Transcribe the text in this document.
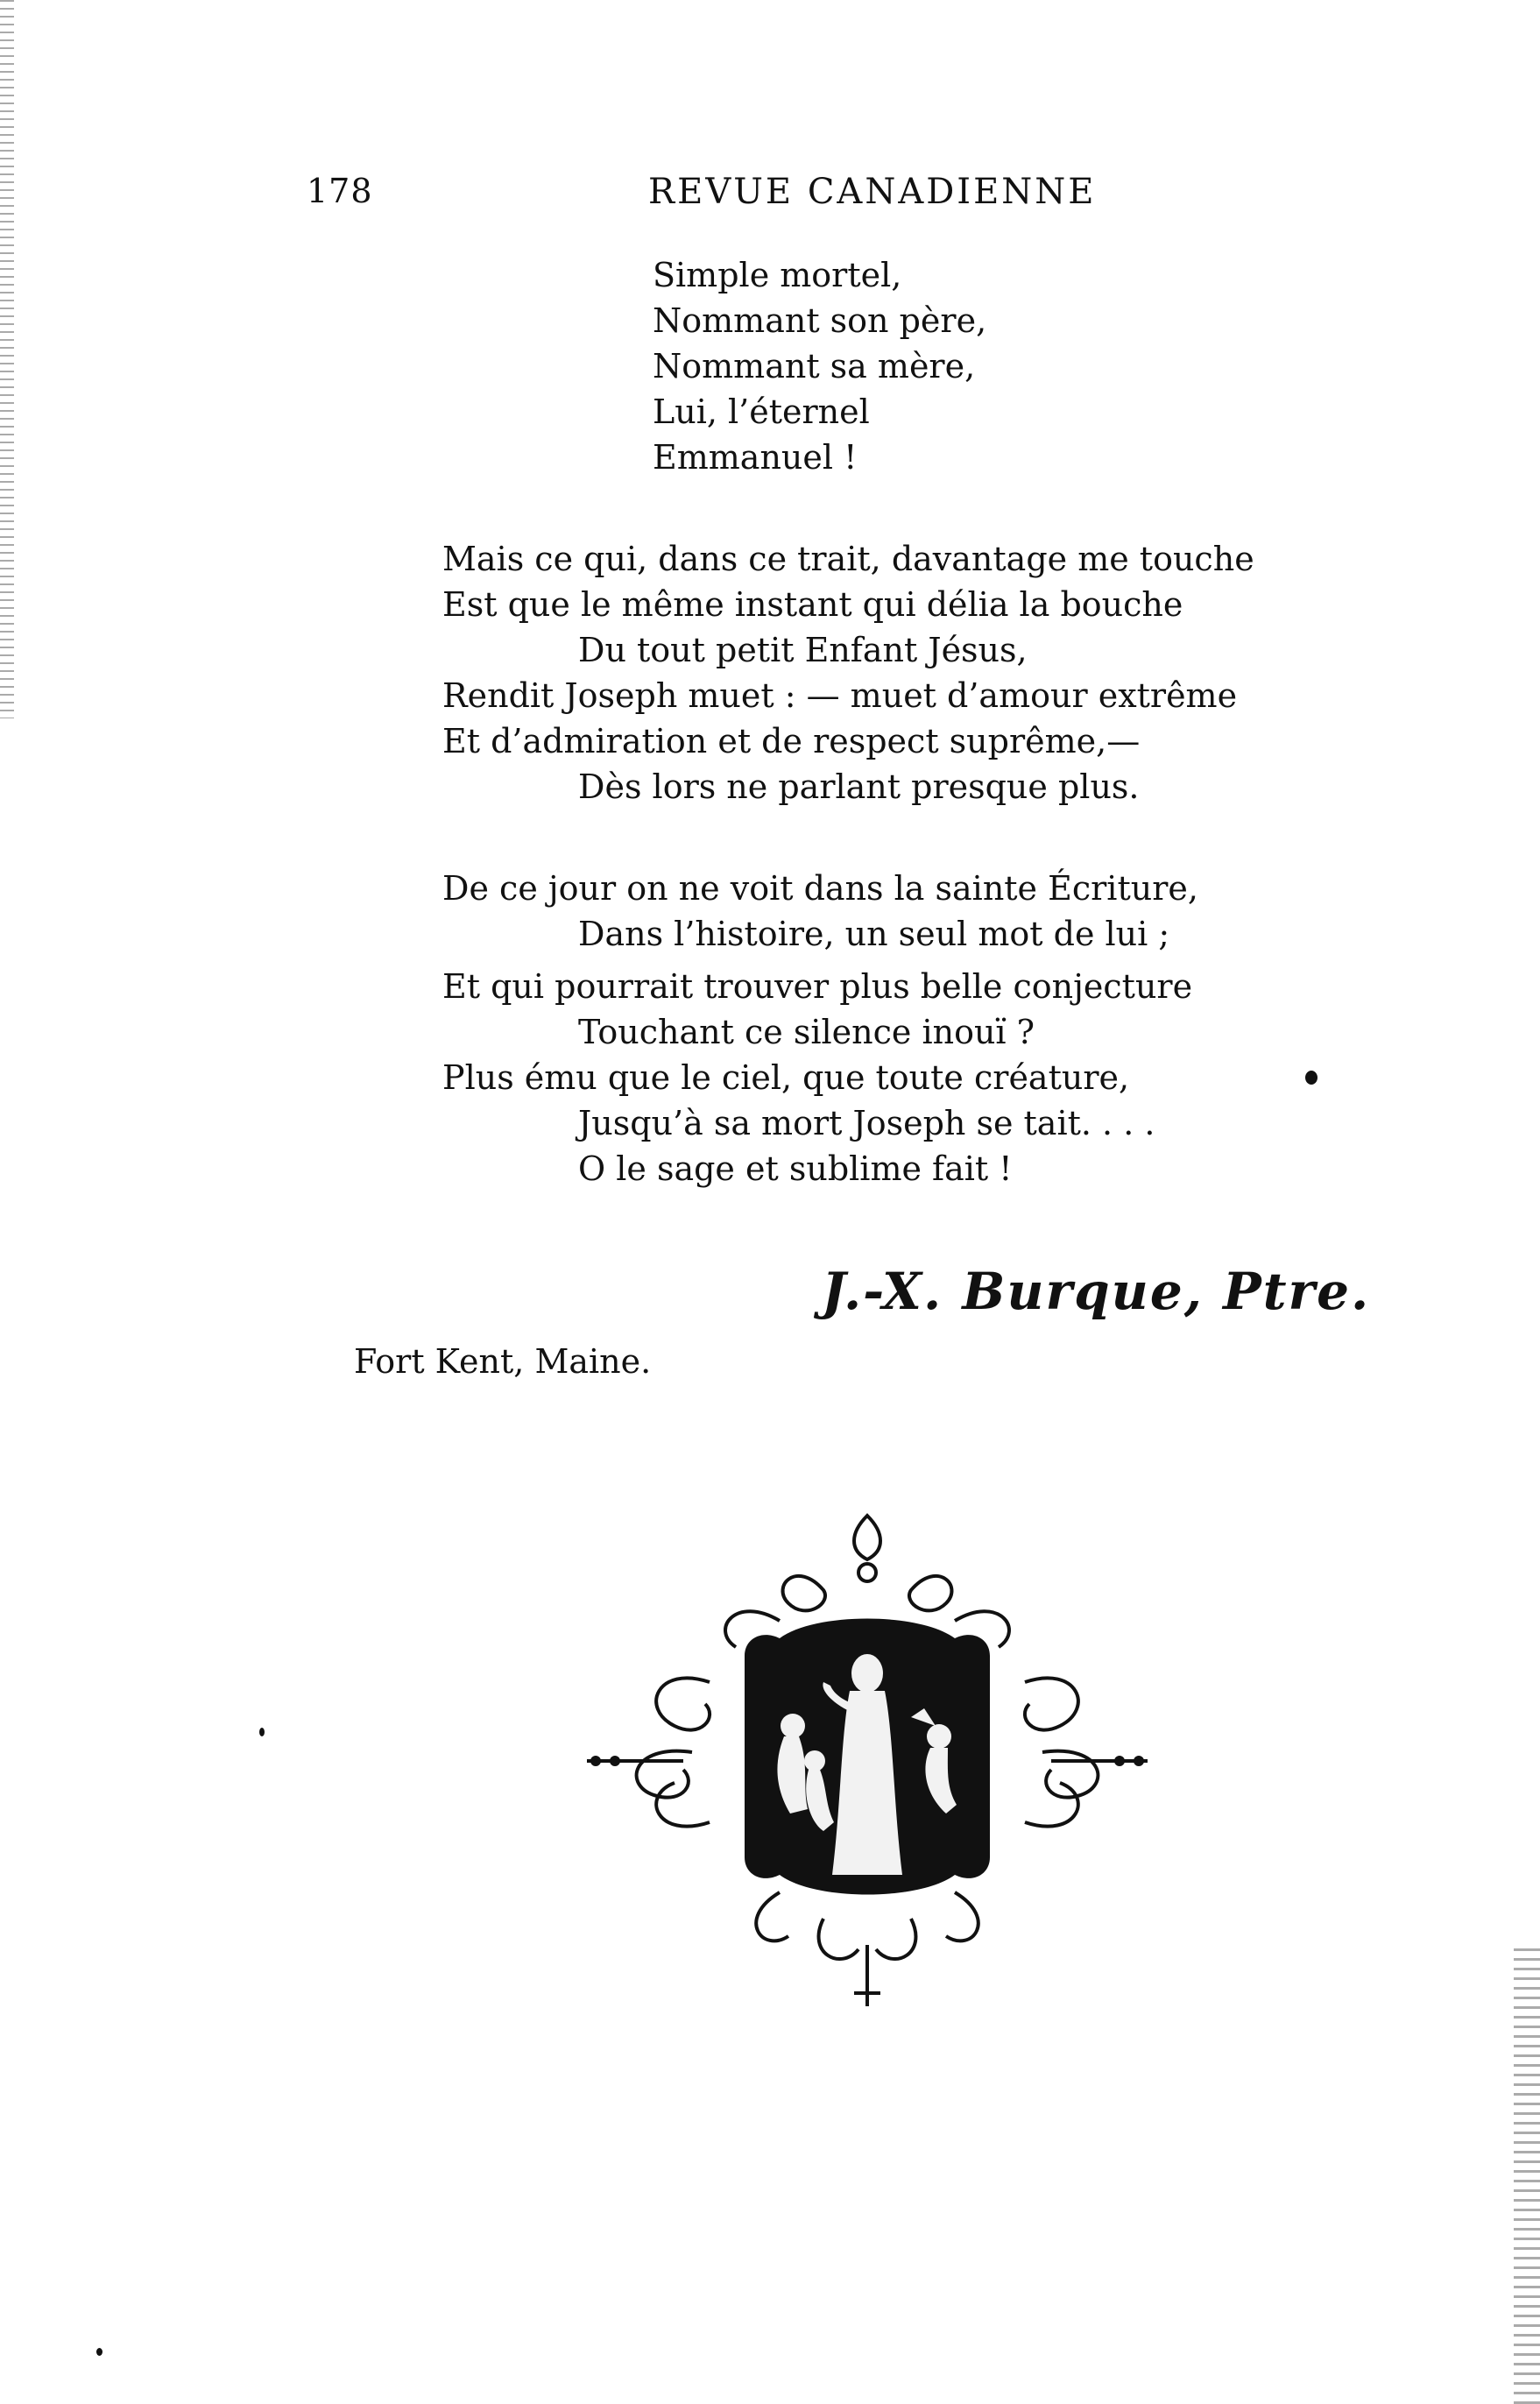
178	REVUE CANADIENNE
Simple mortel,
Nommant son père,
Nommant sa mère,
Lui, l’éternel
Emmanuel !
Mais ce qui, dans ce trait, davantage me touche
Est que le même instant qui délia la bouche
Du tout petit Enfant Jésus,
Rendit Joseph muet : — muet d’amour extrême
Et d’admiration et de respect suprême,—
Dès lors ne parlant presque plus.
De ce jour on ne voit dans la sainte Écriture,
Dans l’histoire, un seul mot de lui ;
Et qui pourrait trouver plus belle conjecture
Touchant ce silence inouï ?
Plus ému que le ciel, que toute créature,
Jusqu’à sa mort Joseph se tait. . . .
O le sage et sublime fait !
J.-X. Burque, Ptre.
Fort Kent, Maine.
